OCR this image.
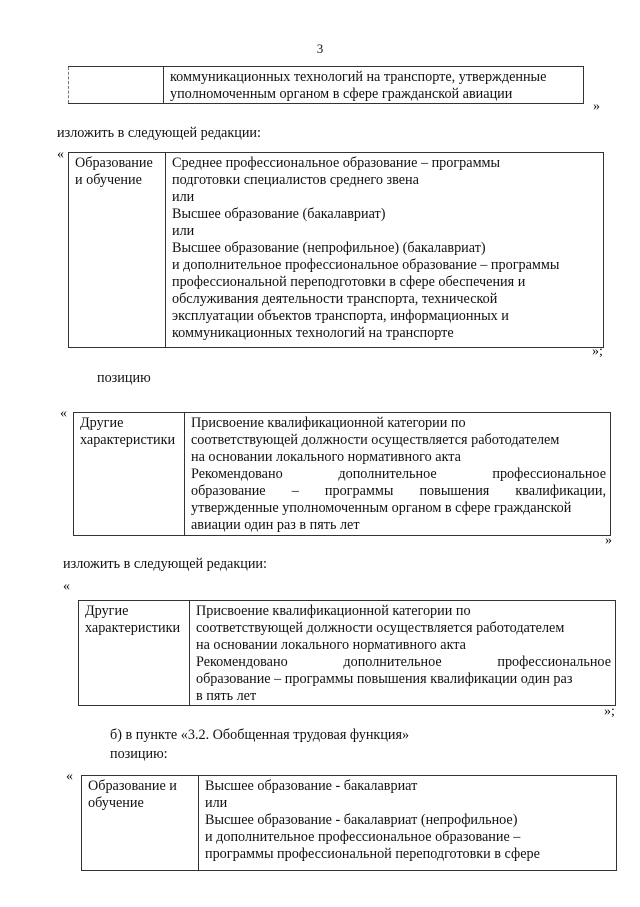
3

коммуникационных технологий на транспорте, утвержденные
уполномоченным органом в сфере гражданской авиации
»
изложить в следующей редакции:
«
Образование
и обучение

Среднее профессиональное образование – программы
подготовки специалистов среднего звена
или
Высшее образование (бакалавриат)
или
Высшее образование (непрофильное) (бакалавриат)
и дополнительное профессиональное образование – программы
профессиональной переподготовки в сфере обеспечения и
обслуживания деятельности транспорта, технической
эксплуатации объектов транспорта, информационных и
коммуникационных технологий на транспорте
»;
позицию
«
Другие
характеристики

Присвоение квалификационной категории по
соответствующей должности осуществляется работодателем
на основании локального нормативного акта
Рекомендовано дополнительное профессиональное
образование – программы повышения квалификации,
утвержденные уполномоченным органом в сфере гражданской
авиации один раз в пять лет
»
изложить в следующей редакции:
«
Другие
характеристики

Присвоение квалификационной категории по
соответствующей должности осуществляется работодателем
на основании локального нормативного акта
Рекомендовано дополнительное профессиональное
образование – программы повышения квалификации один раз
в пять лет
»;
б) в пункте «3.2. Обобщенная трудовая функция»
позицию:
«
Образование и
обучение

Высшее образование - бакалавриат
или
Высшее образование - бакалавриат (непрофильное)
и дополнительное профессиональное образование –
программы профессиональной переподготовки в сфере
